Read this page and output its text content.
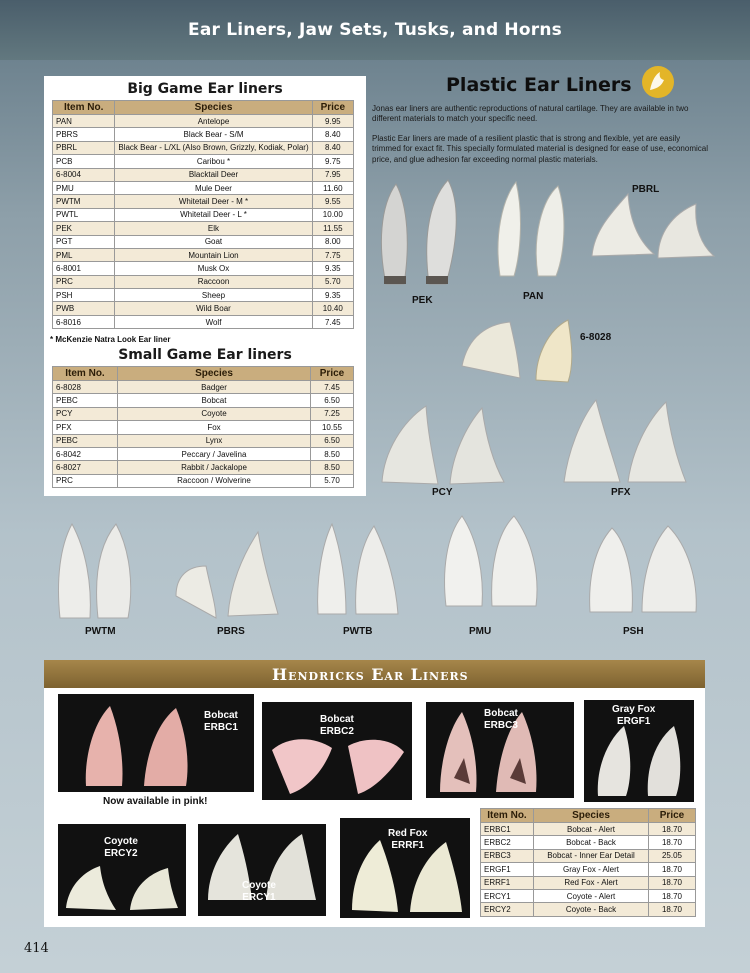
Ear Liners, Jaw Sets, Tusks, and Horns
Big Game Ear liners
Item No.	Species	Price
PAN	Antelope	9.95
PBRS	Black Bear - S/M	8.40
PBRL	Black Bear - L/XL (Also Brown, Grizzly, Kodiak, Polar)	8.40
PCB	Caribou *	9.75
6-8004	Blacktail Deer	7.95
PMU	Mule Deer	11.60
PWTM	Whitetail Deer - M *	9.55
PWTL	Whitetail Deer - L *	10.00
PEK	Elk	11.55
PGT	Goat	8.00
PML	Mountain Lion	7.75
6-8001	Musk Ox	9.35
PRC	Raccoon	5.70
PSH	Sheep	9.35
PWB	Wild Boar	10.40
6-8016	Wolf	7.45
* McKenzie Natra Look Ear liner
Small Game Ear liners
Item No.	Species	Price
6-8028	Badger	7.45
PEBC	Bobcat	6.50
PCY	Coyote	7.25
PFX	Fox	10.55
PEBC	Lynx	6.50
6-8042	Peccary / Javelina	8.50
6-8027	Rabbit / Jackalope	8.50
PRC	Raccoon / Wolverine	5.70
Plastic Ear Liners
Jonas ear liners are authentic reproductions of natural cartilage. They are available in two different materials to match your specific need.
Plastic Ear liners are made of a resilient plastic that is strong and flexible, yet are easily trimmed for exact fit. This specially formulated material is designed for ease of use, economical price, and glue adhesion far exceeding normal plastic materials.
PEK	PAN
PBRL
6-8028
PCY	PFX
PWTM	PBRS	PWTB	PMU	PSH
Hendricks Ear Liners
Bobcat
ERBC1
Now available in pink!
Bobcat
ERBC2
Bobcat
ERBC3
Gray Fox
ERGF1
Coyote
ERCY2
Coyote
ERCY1
Red Fox
ERRF1
Item No.	Species	Price
ERBC1	Bobcat - Alert	18.70
ERBC2	Bobcat - Back	18.70
ERBC3	Bobcat - Inner Ear Detail	25.05
ERGF1	Gray Fox - Alert	18.70
ERRF1	Red Fox - Alert	18.70
ERCY1	Coyote - Alert	18.70
ERCY2	Coyote - Back	18.70
414
